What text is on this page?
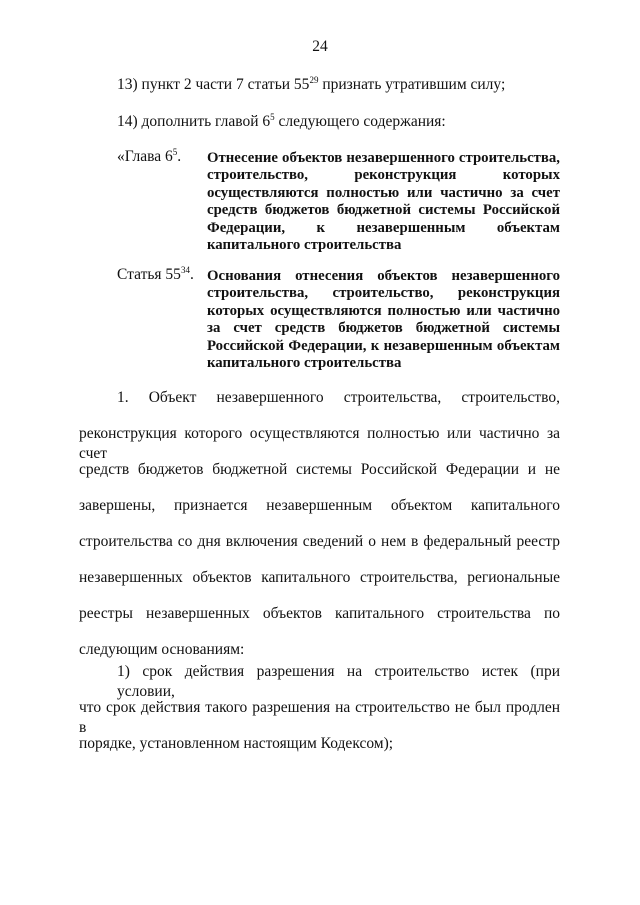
24
13) пункт 2 части 7 статьи $55^{29}$ признать утратившим силу;
14) дополнить главой $6^5$ следующего содержания:
«Глава $6^5$. Отнесение объектов незавершенного строительства, строительство, реконструкция которых осуществляются полностью или частично за счет средств бюджетов бюджетной системы Российской Федерации, к незавершенным объектам капитального строительства
Статья $55^{34}$. Основания отнесения объектов незавершенного строительства, строительство, реконструкция которых осуществляются полностью или частично за счет средств бюджетов бюджетной системы Российской Федерации, к незавершенным объектам капитального строительства
1. Объект незавершенного строительства, строительство,
реконструкция которого осуществляются полностью или частично за счет
средств бюджетов бюджетной системы Российской Федерации и не
завершены, признается незавершенным объектом капитального
строительства со дня включения сведений о нем в федеральный реестр
незавершенных объектов капитального строительства, региональные
реестры незавершенных объектов капитального строительства по
следующим основаниям:
1) срок действия разрешения на строительство истек (при условии,
что срок действия такого разрешения на строительство не был продлен в
порядке, установленном настоящим Кодексом);
